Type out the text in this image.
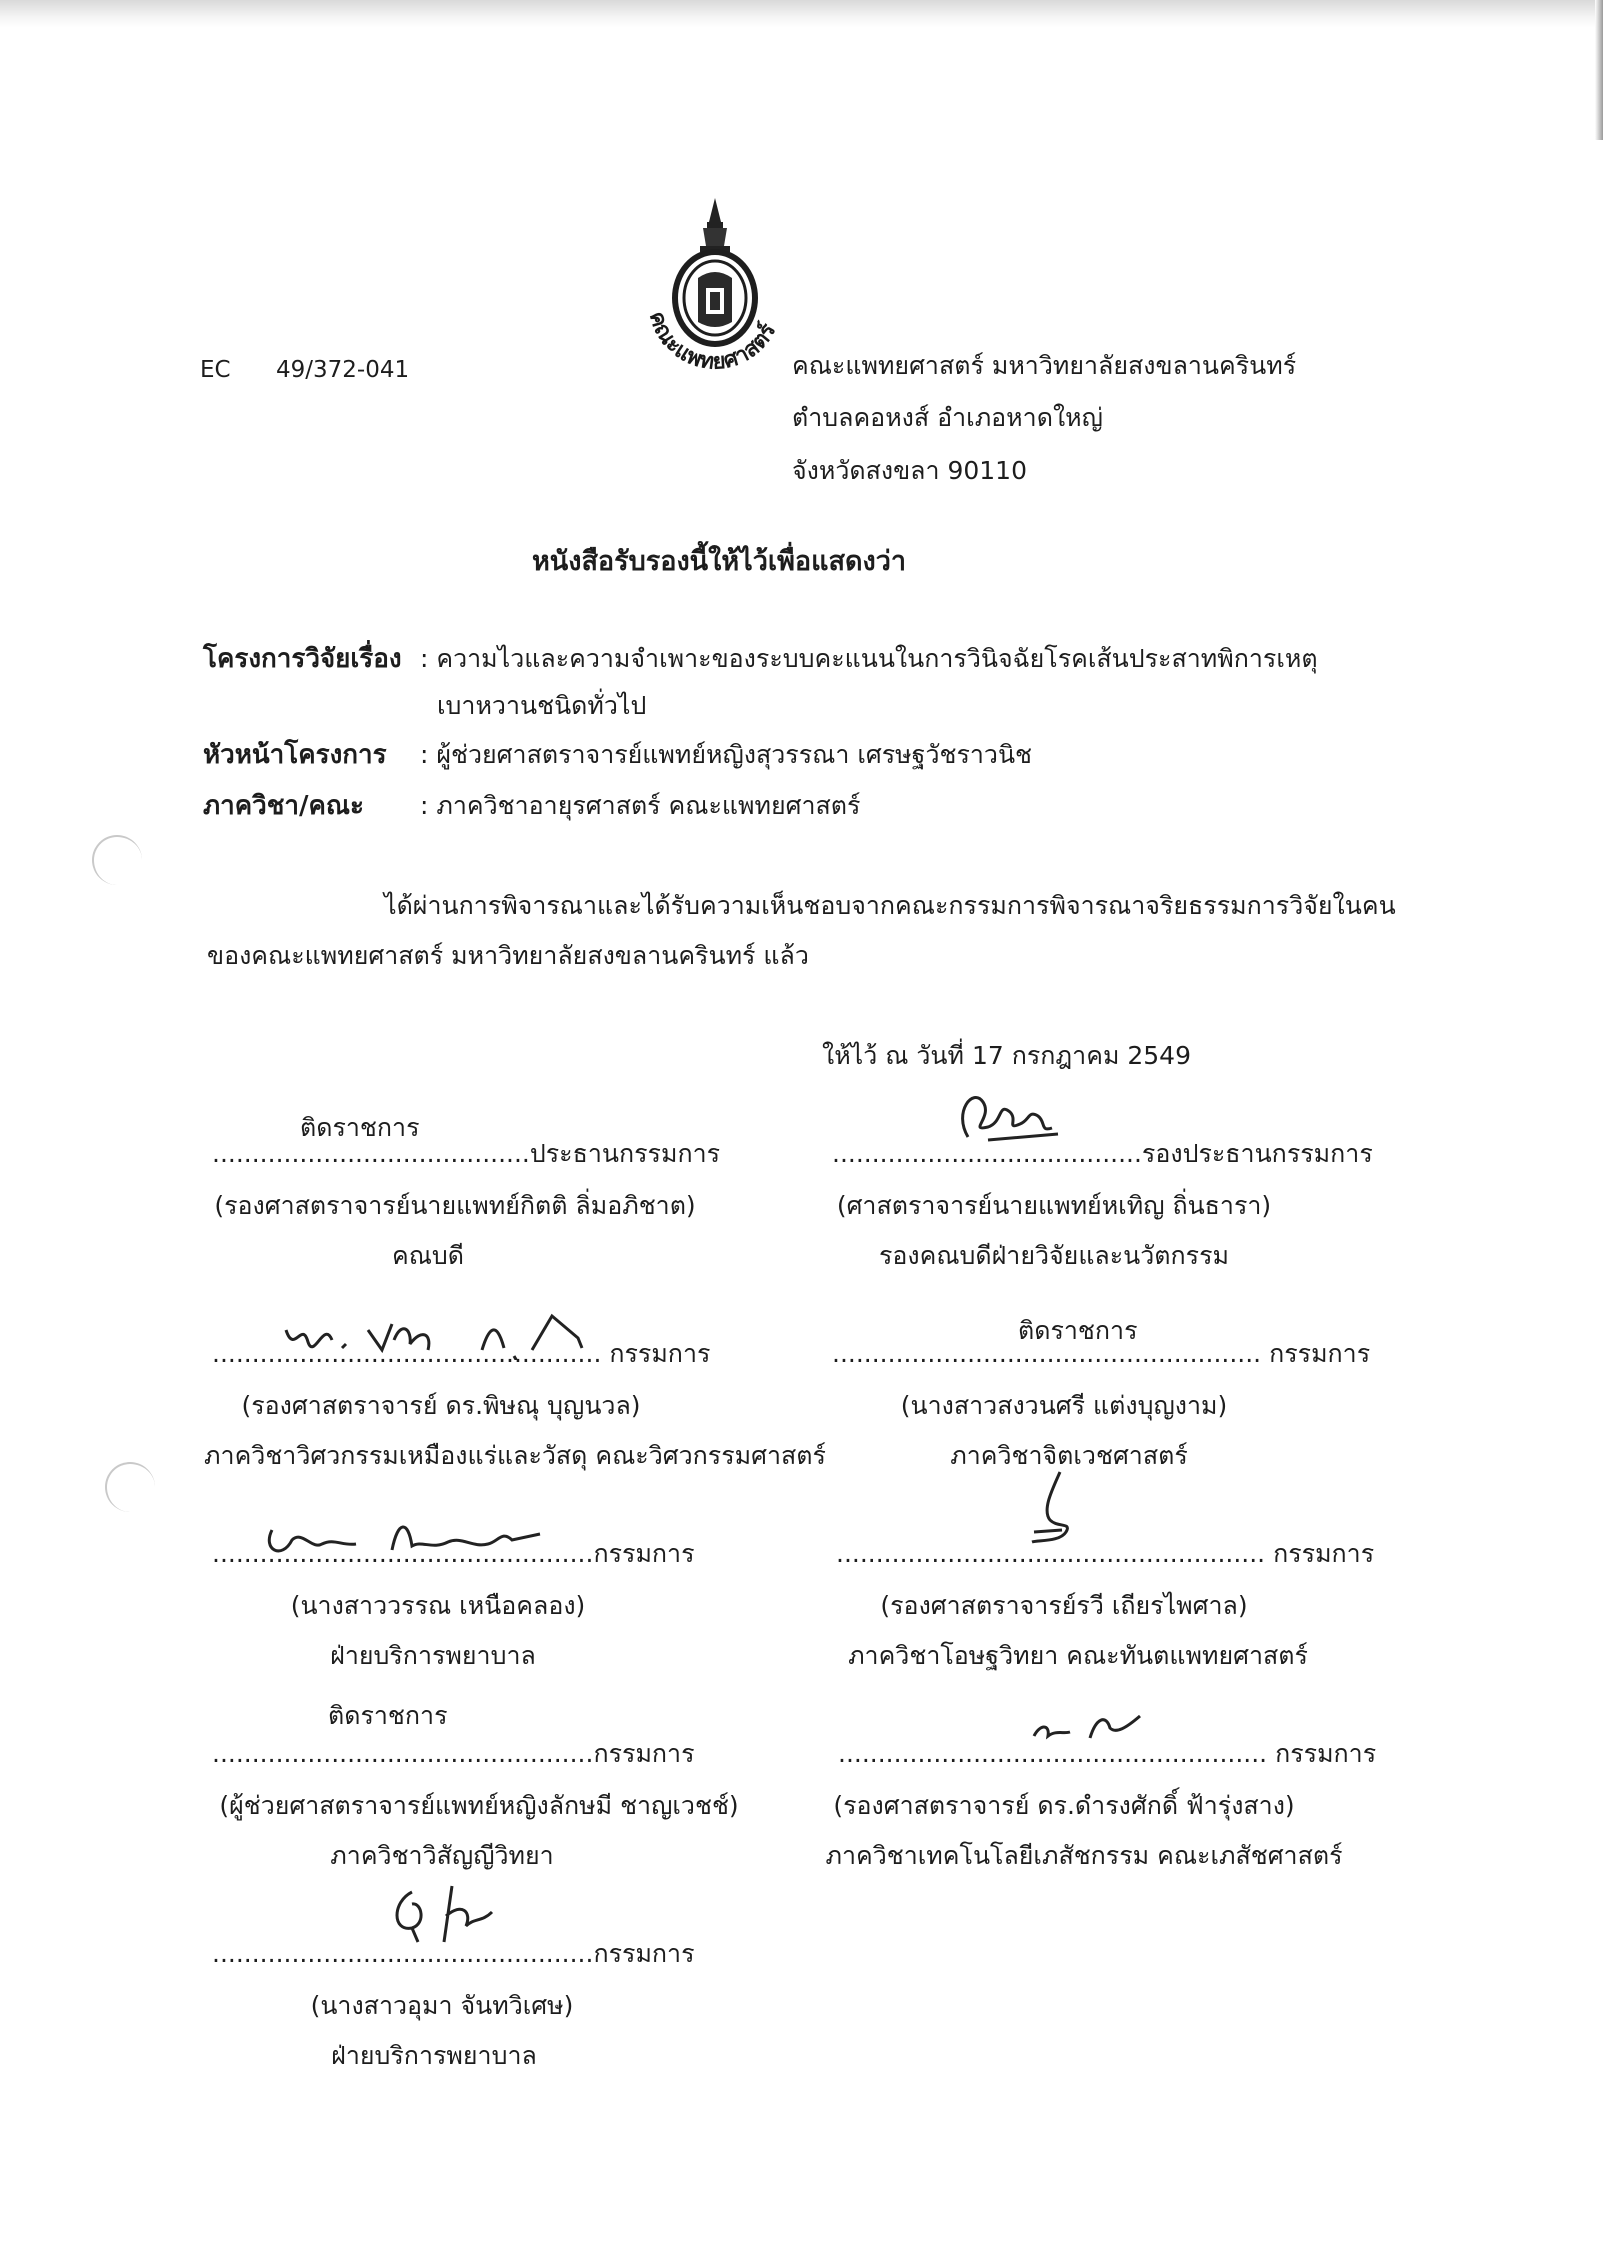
คณะแพทยศาสตร์
EC 49/372-041	คณะแพทยศาสตร์ มหาวิทยาลัยสงขลานครินทร์
ตำบลคอหงส์ อำเภอหาดใหญ่
จังหวัดสงขลา 90110
หนังสือรับรองนี้ให้ไว้เพื่อแสดงว่า
โครงการวิจัยเรื่อง : ความไวและความจำเพาะของระบบคะแนนในการวินิจฉัยโรคเส้นประสาทพิการเหตุ
เบาหวานชนิดทั่วไป
หัวหน้าโครงการ : ผู้ช่วยศาสตราจารย์แพทย์หญิงสุวรรณา เศรษฐวัชราวนิช
ภาควิชา/คณะ : ภาควิชาอายุรศาสตร์ คณะแพทยศาสตร์
ได้ผ่านการพิจารณาและได้รับความเห็นชอบจากคณะกรรมการพิจารณาจริยธรรมการวิจัยในคน
ของคณะแพทยศาสตร์ มหาวิทยาลัยสงขลานครินทร์ แล้ว
ให้ไว้ ณ วันที่ 17 กรกฎาคม 2549
ติดราชการ
........................................ประธานกรรมการ
(รองศาสตราจารย์นายแพทย์กิตติ ลิ่มอภิชาต)
คณบดี
.......................................รองประธานกรรมการ
(ศาสตราจารย์นายแพทย์หเทิญ ถิ่นธารา)
รองคณบดีฝ่ายวิจัยและนวัตกรรม
................................................. กรรมการ
(รองศาสตราจารย์ ดร.พิษณุ บุญนวล)
ภาควิชาวิศวกรรมเหมืองแร่และวัสดุ คณะวิศวกรรมศาสตร์
ติดราชการ
...................................................... กรรมการ
(นางสาวสงวนศรี แต่งบุญงาม)
ภาควิชาจิตเวชศาสตร์
................................................กรรมการ
(นางสาววรรณ เหนือคลอง)
ฝ่ายบริการพยาบาล
...................................................... กรรมการ
(รองศาสตราจารย์รวี เถียรไพศาล)
ภาควิชาโอษฐวิทยา คณะทันตแพทยศาสตร์
ติดราชการ
................................................กรรมการ
(ผู้ช่วยศาสตราจารย์แพทย์หญิงลักษมี ชาญเวชช์)
ภาควิชาวิสัญญีวิทยา
...................................................... กรรมการ
(รองศาสตราจารย์ ดร.ดำรงศักดิ์ ฟ้ารุ่งสาง)
ภาควิชาเทคโนโลยีเภสัชกรรม คณะเภสัชศาสตร์
................................................กรรมการ
(นางสาวอุมา จันทวิเศษ)
ฝ่ายบริการพยาบาล
